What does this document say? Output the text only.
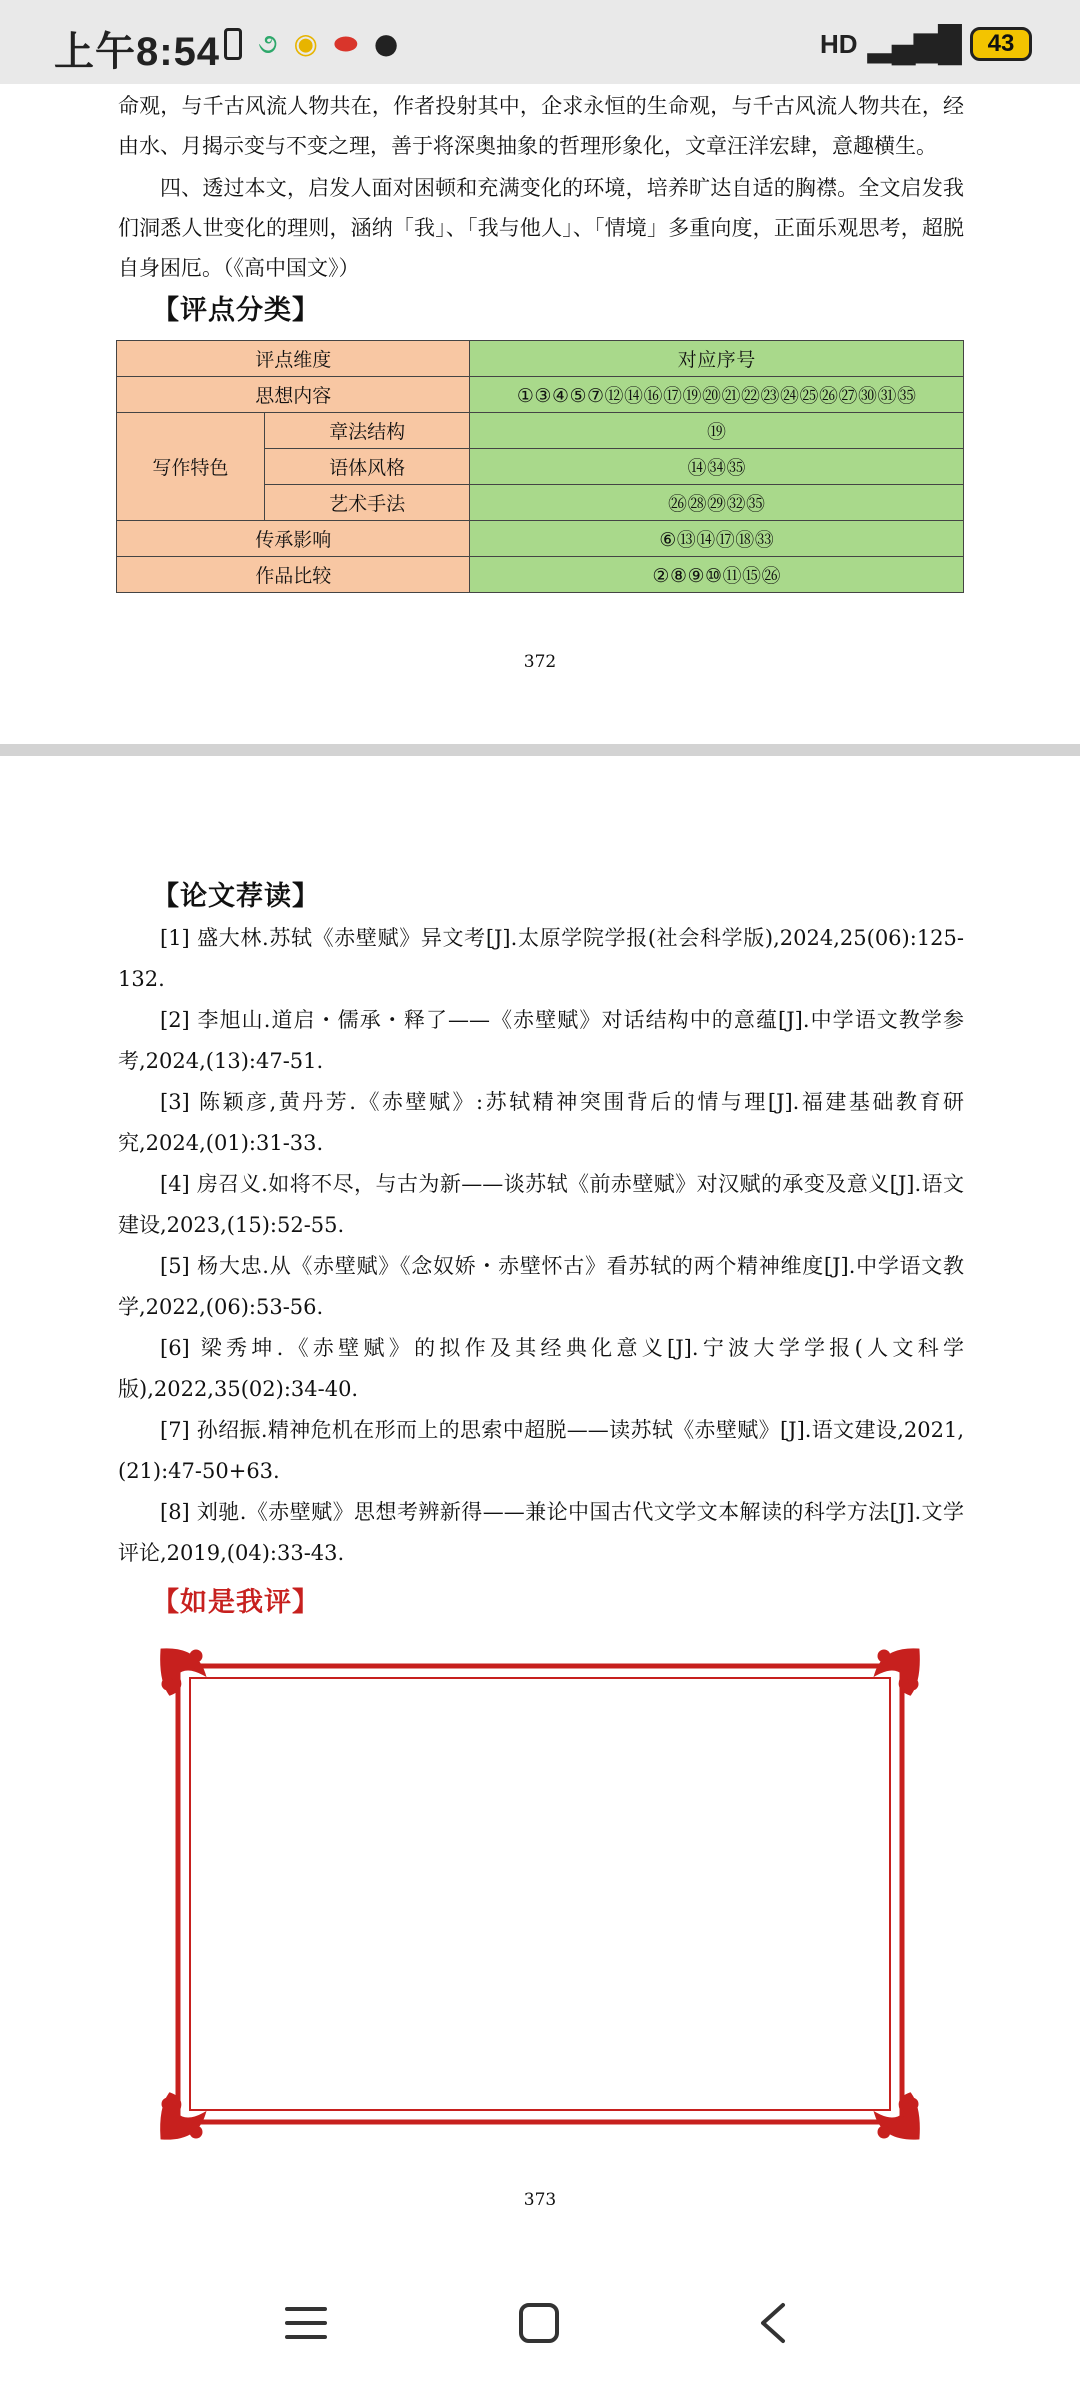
上午8:54 ૭ ◉ ⬬ ●	HD ▂▄▆█	43

命观，与千古风流人物共在，作者投射其中，企求永恒的生命观，与千古风流人物共在，经由水、月揭示变与不变之理，善于将深奥抽象的哲理形象化，文章汪洋宏肆，意趣横生。

四、透过本文，启发人面对困顿和充满变化的环境，培养旷达自适的胸襟。全文启发我们洞悉人世变化的理则，涵纳「我」、「我与他人」、「情境」多重向度，正面乐观思考，超脱自身困厄。（《高中国文》）

【评点分类】
评点维度		对应序号
思想内容		①③④⑤⑦⑫⑭⑯⑰⑲⑳㉑㉒㉓㉔㉕㉖㉗㉚㉛㉟
写作特色	章法结构	⑲
	语体风格	⑭㉞㉟
	艺术手法	㉖㉘㉙㉜㉟
传承影响		⑥⑬⑭⑰⑱㉝
作品比较		②⑧⑨⑩⑪⑮㉖
372
【论文荐读】
[1] 盛大林.苏轼《赤壁赋》异文考[J].太原学院学报(社会科学版),2024,25(06):125-132.
[2] 李旭山.道启・儒承・释了——《赤壁赋》对话结构中的意蕴[J].中学语文教学参考,2024,(13):47-51.
[3] 陈颖彦,黄丹芳.《赤壁赋》:苏轼精神突围背后的情与理[J].福建基础教育研究,2024,(01):31-33.
[4] 房召义.如将不尽，与古为新——谈苏轼《前赤壁赋》对汉赋的承变及意义[J].语文建设,2023,(15):52-55.
[5] 杨大忠.从《赤壁赋》《念奴娇・赤壁怀古》看苏轼的两个精神维度[J].中学语文教学,2022,(06):53-56.
[6] 梁秀坤.《赤壁赋》的拟作及其经典化意义[J].宁波大学学报(人文科学版),2022,35(02):34-40.
[7] 孙绍振.精神危机在形而上的思索中超脱——读苏轼《赤壁赋》[J].语文建设,2021,(21):47-50+63.
[8] 刘驰.《赤壁赋》思想考辨新得——兼论中国古代文学文本解读的科学方法[J].文学评论,2019,(04):33-43.
【如是我评】
373
